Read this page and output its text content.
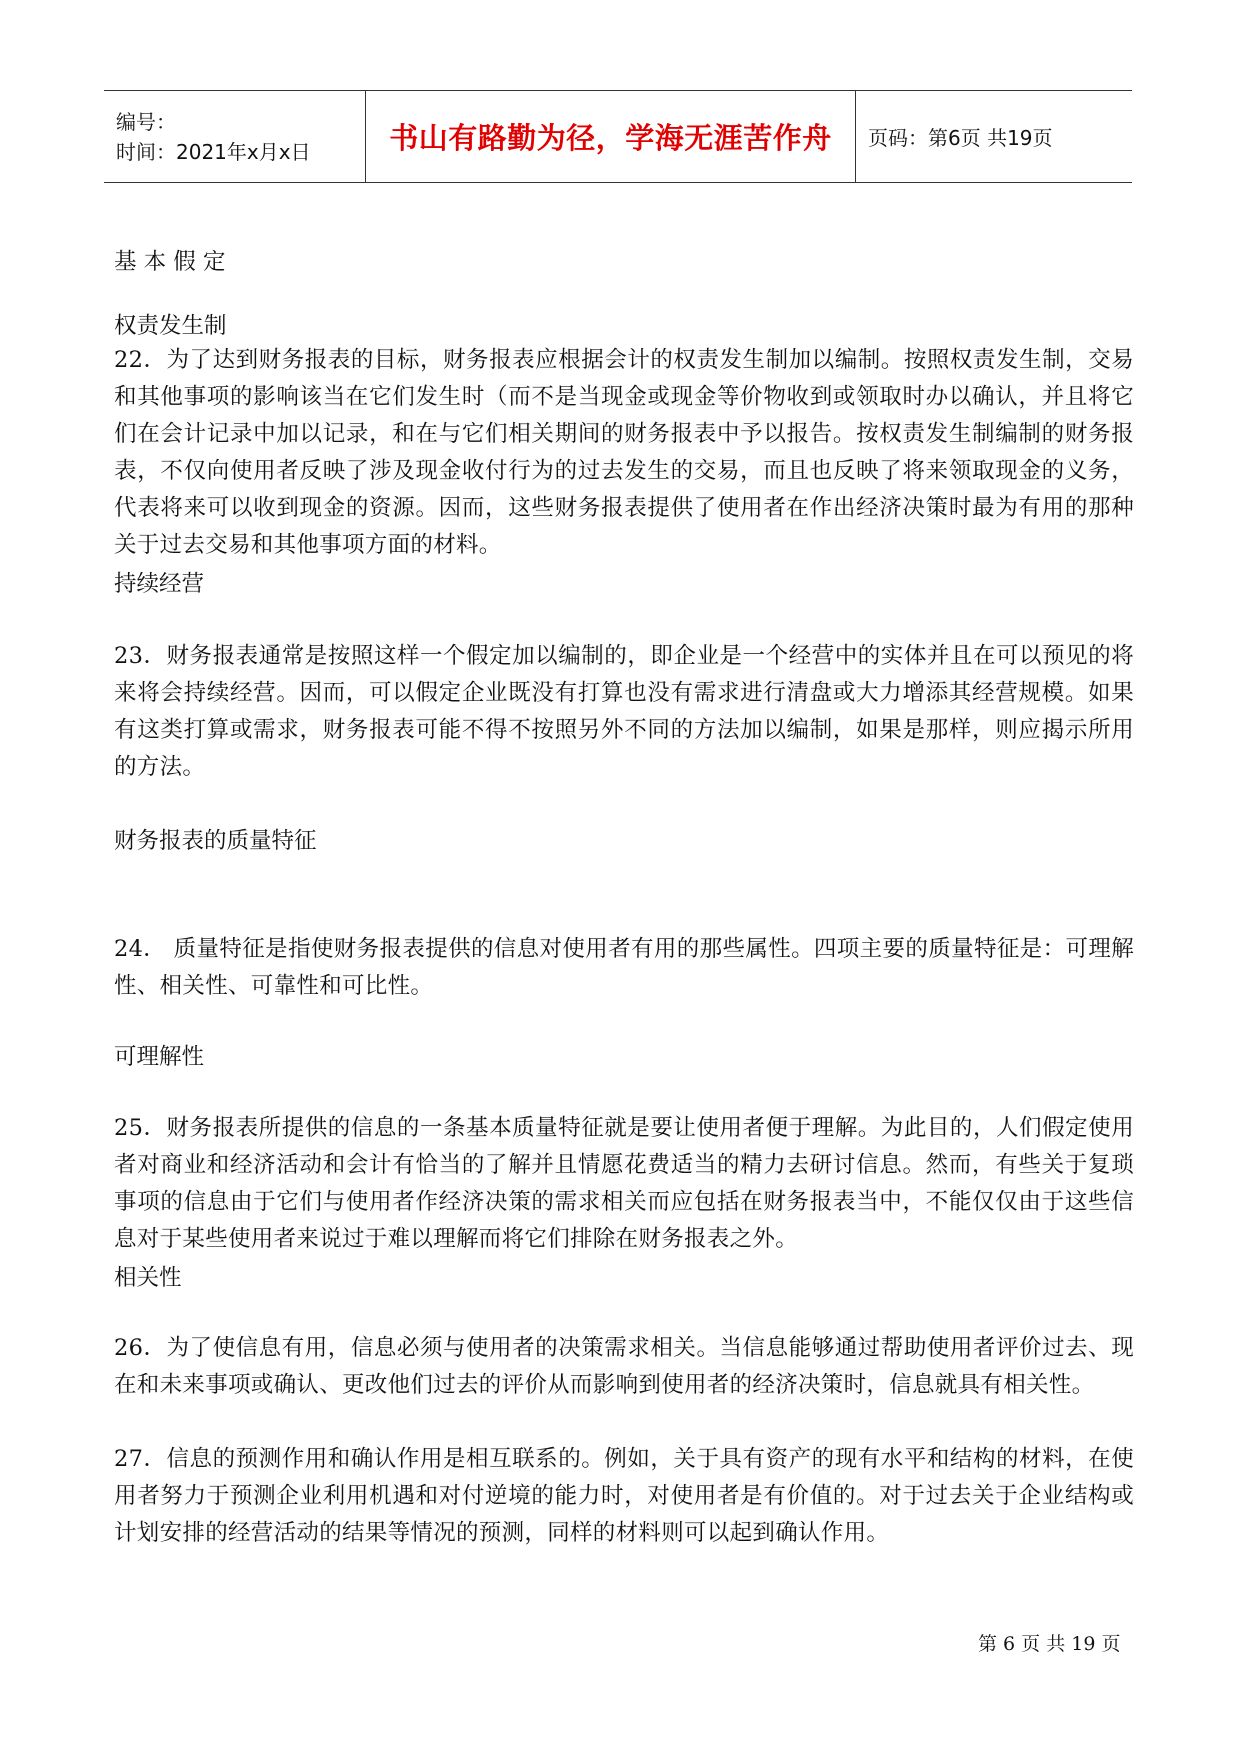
编号：
时间：2021年x月x日	书山有路勤为径，学海无涯苦作舟 页码：第6页 共19页
基 本 假 定
权责发生制
22．为了达到财务报表的目标，财务报表应根据会计的权责发生制加以编制。按照权责发生制，交易和其他事项的影响该当在它们发生时（而不是当现金或现金等价物收到或领取时办以确认，并且将它们在会计记录中加以记录，和在与它们相关期间的财务报表中予以报告。按权责发生制编制的财务报表，不仅向使用者反映了涉及现金收付行为的过去发生的交易，而且也反映了将来领取现金的义务，代表将来可以收到现金的资源。因而，这些财务报表提供了使用者在作出经济决策时最为有用的那种关于过去交易和其他事项方面的材料。
持续经营
23．财务报表通常是按照这样一个假定加以编制的，即企业是一个经营中的实体并且在可以预见的将来将会持续经营。因而，可以假定企业既没有打算也没有需求进行清盘或大力增添其经营规模。如果有这类打算或需求，财务报表可能不得不按照另外不同的方法加以编制，如果是那样，则应揭示所用的方法。
财务报表的质量特征
24． 质量特征是指使财务报表提供的信息对使用者有用的那些属性。四项主要的质量特征是：可理解性、相关性、可靠性和可比性。
可理解性
25．财务报表所提供的信息的一条基本质量特征就是要让使用者便于理解。为此目的，人们假定使用者对商业和经济活动和会计有恰当的了解并且情愿花费适当的精力去研讨信息。然而，有些关于复琐事项的信息由于它们与使用者作经济决策的需求相关而应包括在财务报表当中，不能仅仅由于这些信息对于某些使用者来说过于难以理解而将它们排除在财务报表之外。
相关性
26．为了使信息有用，信息必须与使用者的决策需求相关。当信息能够通过帮助使用者评价过去、现在和未来事项或确认、更改他们过去的评价从而影响到使用者的经济决策时，信息就具有相关性。
27．信息的预测作用和确认作用是相互联系的。例如，关于具有资产的现有水平和结构的材料，在使用者努力于预测企业利用机遇和对付逆境的能力时，对使用者是有价值的。对于过去关于企业结构或计划安排的经营活动的结果等情况的预测，同样的材料则可以起到确认作用。
第 6 页 共 19 页
